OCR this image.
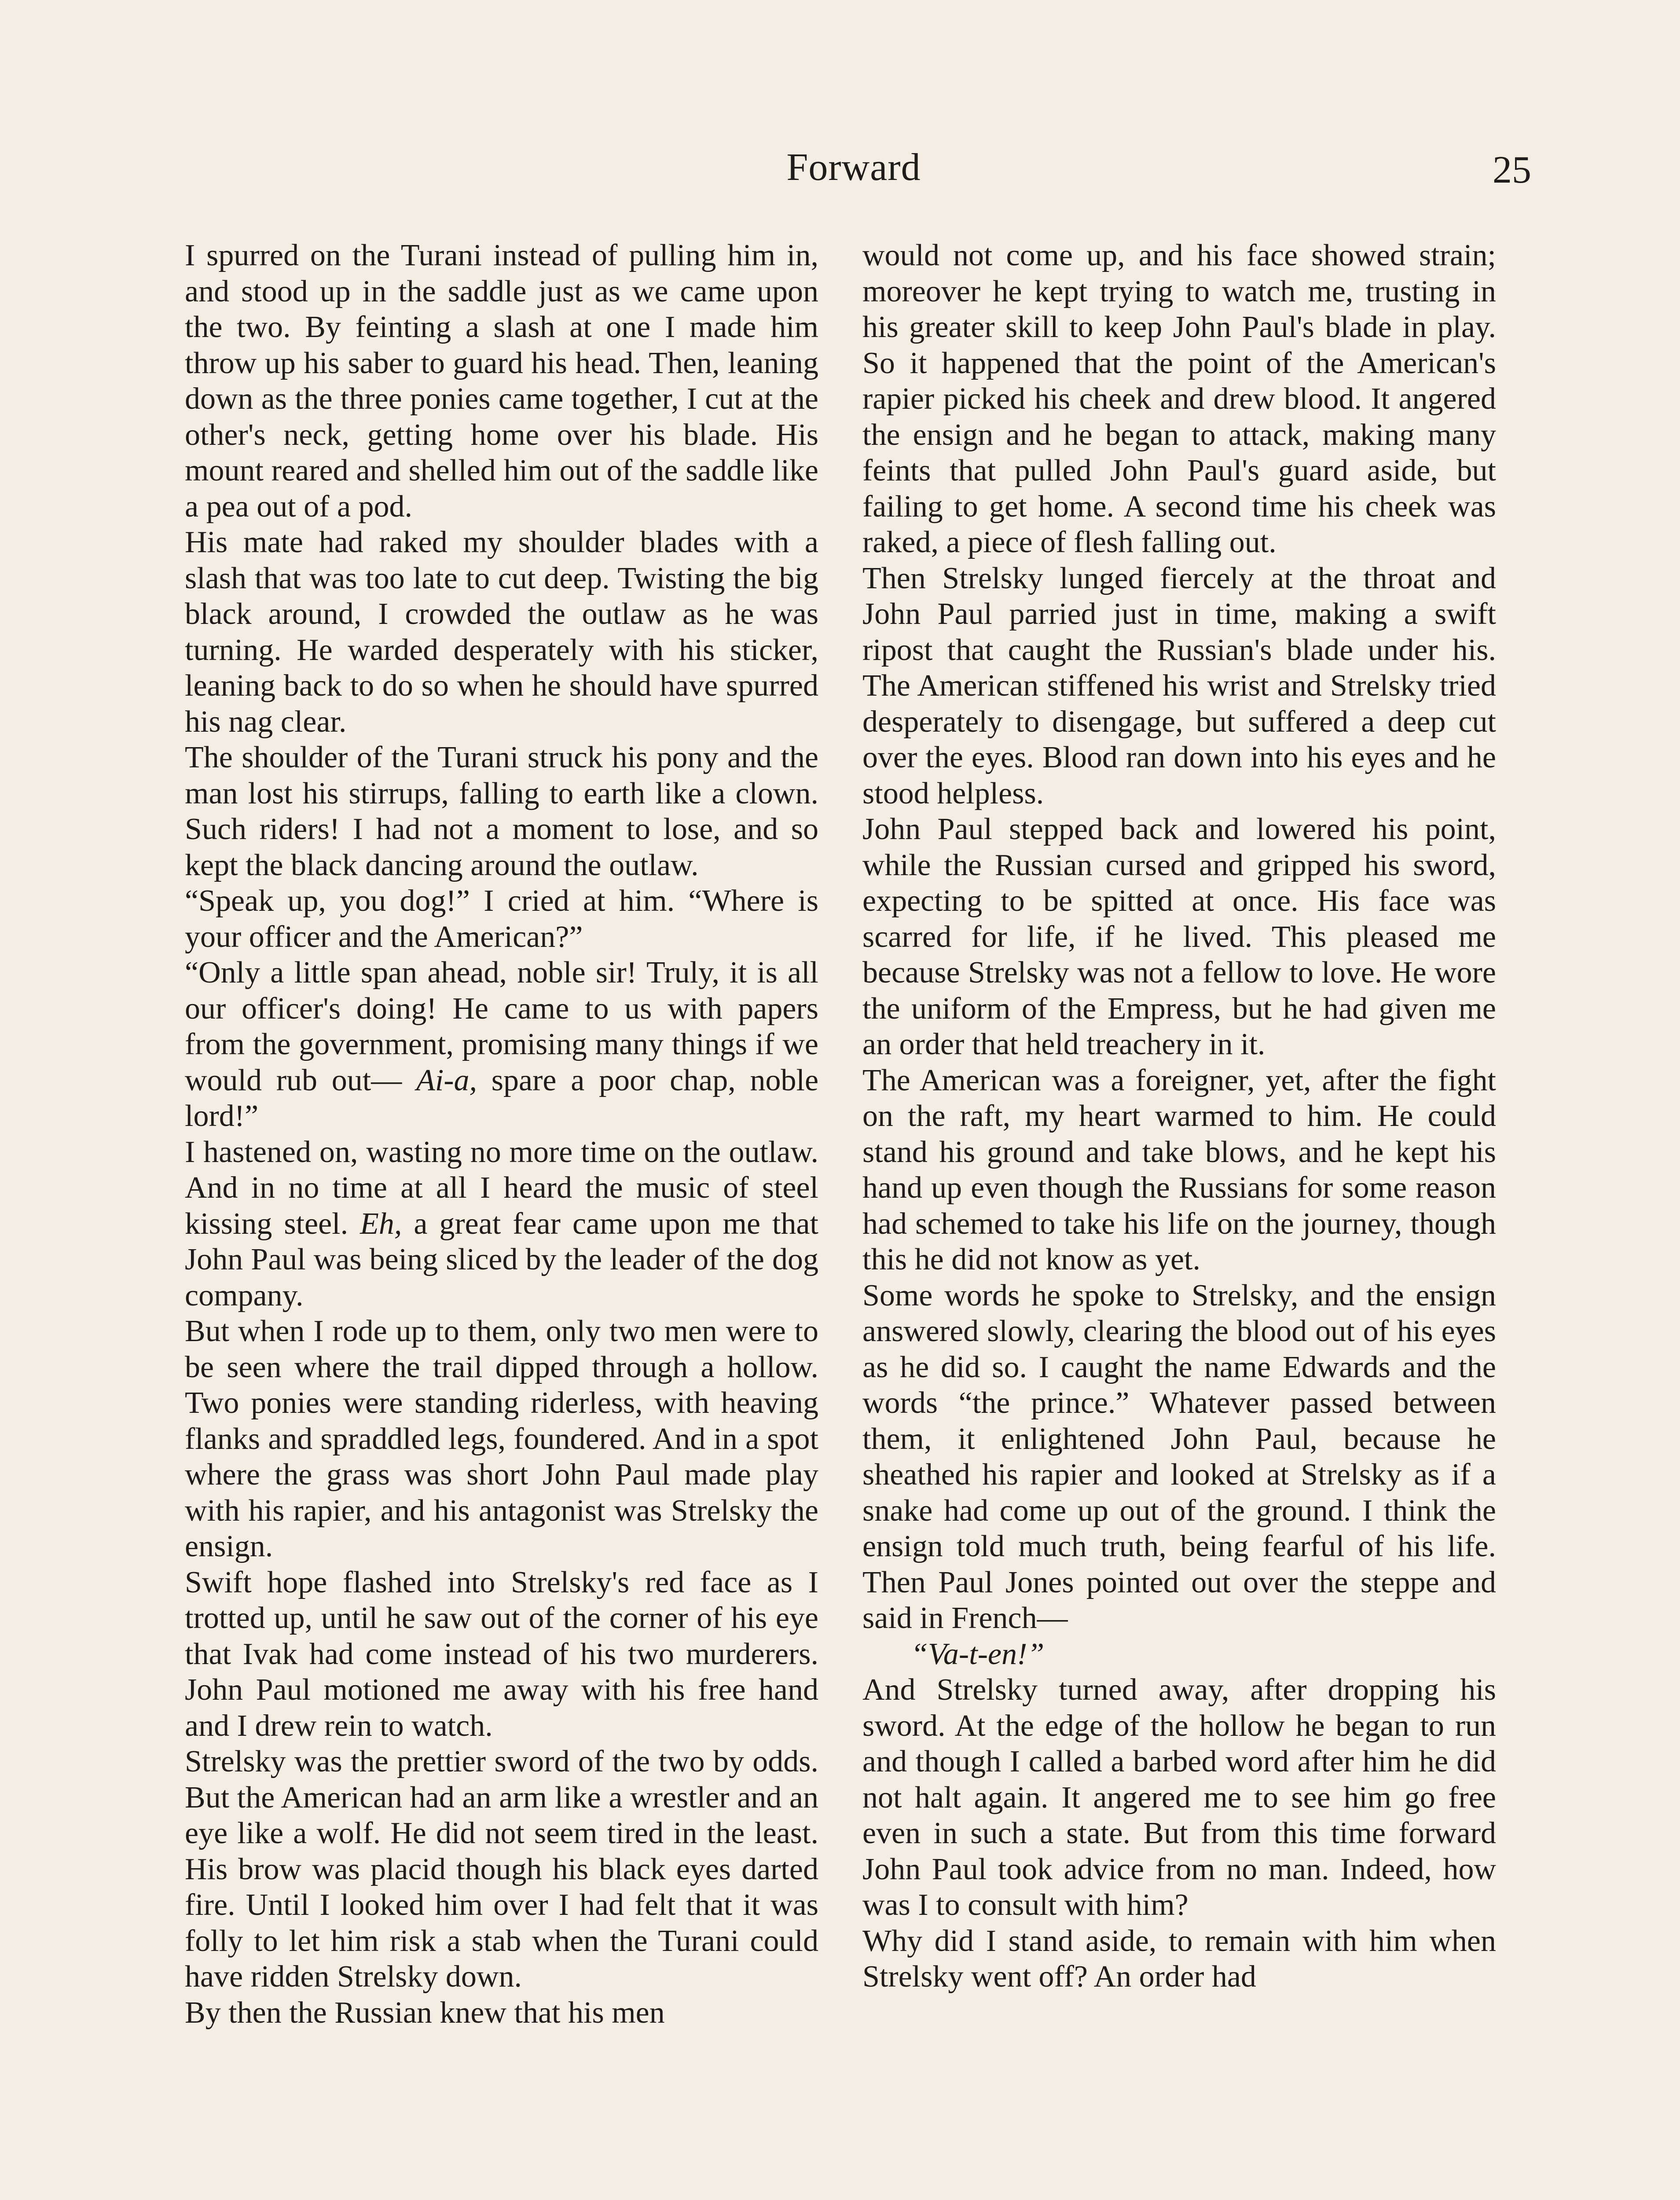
Forward	25

I spurred on the Turani instead of pulling him in, and stood up in the saddle just as we came upon the two. By feinting a slash at one I made him throw up his saber to guard his head. Then, leaning down as the three ponies came together, I cut at the other's neck, getting home over his blade. His mount reared and shelled him out of the saddle like a pea out of a pod.

His mate had raked my shoulder blades with a slash that was too late to cut deep. Twisting the big black around, I crowded the outlaw as he was turning. He warded desperately with his sticker, leaning back to do so when he should have spurred his nag clear.

The shoulder of the Turani struck his pony and the man lost his stirrups, falling to earth like a clown. Such riders! I had not a moment to lose, and so kept the black dancing around the outlaw.

“Speak up, you dog!” I cried at him. “Where is your officer and the American?”

“Only a little span ahead, noble sir! Truly, it is all our officer's doing! He came to us with papers from the government, promising many things if we would rub out— Ai-a, spare a poor chap, noble lord!”

I hastened on, wasting no more time on the outlaw. And in no time at all I heard the music of steel kissing steel. Eh, a great fear came upon me that John Paul was being sliced by the leader of the dog company.

But when I rode up to them, only two men were to be seen where the trail dipped through a hollow. Two ponies were standing riderless, with heaving flanks and spraddled legs, foundered. And in a spot where the grass was short John Paul made play with his rapier, and his antagonist was Strelsky the ensign.

Swift hope flashed into Strelsky's red face as I trotted up, until he saw out of the corner of his eye that Ivak had come instead of his two murderers. John Paul motioned me away with his free hand and I drew rein to watch.

Strelsky was the prettier sword of the two by odds. But the American had an arm like a wrestler and an eye like a wolf. He did not seem tired in the least. His brow was placid though his black eyes darted fire. Until I looked him over I had felt that it was folly to let him risk a stab when the Turani could have ridden Strelsky down.

By then the Russian knew that his men

would not come up, and his face showed strain; moreover he kept trying to watch me, trusting in his greater skill to keep John Paul's blade in play. So it happened that the point of the American's rapier picked his cheek and drew blood. It angered the ensign and he began to attack, making many feints that pulled John Paul's guard aside, but failing to get home. A second time his cheek was raked, a piece of flesh falling out.

Then Strelsky lunged fiercely at the throat and John Paul parried just in time, making a swift ripost that caught the Russian's blade under his. The American stiffened his wrist and Strelsky tried desperately to disengage, but suffered a deep cut over the eyes. Blood ran down into his eyes and he stood helpless.

John Paul stepped back and lowered his point, while the Russian cursed and gripped his sword, expecting to be spitted at once. His face was scarred for life, if he lived. This pleased me because Strelsky was not a fellow to love. He wore the uniform of the Empress, but he had given me an order that held treachery in it.

The American was a foreigner, yet, after the fight on the raft, my heart warmed to him. He could stand his ground and take blows, and he kept his hand up even though the Russians for some reason had schemed to take his life on the journey, though this he did not know as yet.

Some words he spoke to Strelsky, and the ensign answered slowly, clearing the blood out of his eyes as he did so. I caught the name Edwards and the words “the prince.” Whatever passed between them, it enlightened John Paul, because he sheathed his rapier and looked at Strelsky as if a snake had come up out of the ground. I think the ensign told much truth, being fearful of his life. Then Paul Jones pointed out over the steppe and said in French—

“Va-t-en!”

And Strelsky turned away, after dropping his sword. At the edge of the hollow he began to run and though I called a barbed word after him he did not halt again. It angered me to see him go free even in such a state. But from this time forward John Paul took advice from no man. Indeed, how was I to consult with him?

Why did I stand aside, to remain with him when Strelsky went off? An order had
